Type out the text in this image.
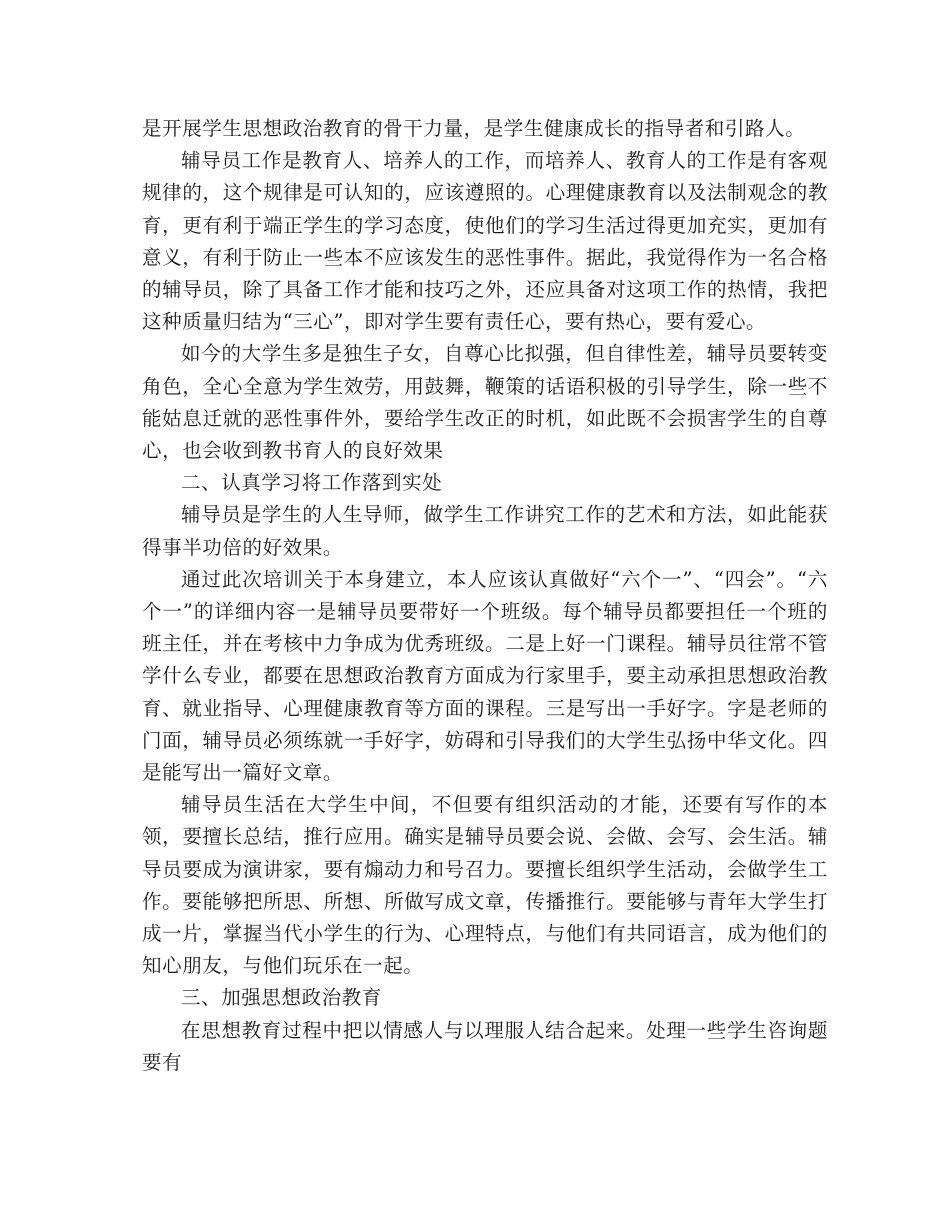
是开展学生思想政治教育的骨干力量，是学生健康成长的指导者和引路人。

辅导员工作是教育人、培养人的工作，而培养人、教育人的工作是有客观规律的，这个规律是可认知的，应该遵照的。心理健康教育以及法制观念的教育，更有利于端正学生的学习态度，使他们的学习生活过得更加充实，更加有意义，有利于防止一些本不应该发生的恶性事件。据此，我觉得作为一名合格的辅导员，除了具备工作才能和技巧之外，还应具备对这项工作的热情，我把这种质量归结为“三心”，即对学生要有责任心，要有热心，要有爱心。

如今的大学生多是独生子女，自尊心比拟强，但自律性差，辅导员要转变角色，全心全意为学生效劳，用鼓舞，鞭策的话语积极的引导学生，除一些不能姑息迁就的恶性事件外，要给学生改正的时机，如此既不会损害学生的自尊心，也会收到教书育人的良好效果

二、认真学习将工作落到实处

辅导员是学生的人生导师，做学生工作讲究工作的艺术和方法，如此能获得事半功倍的好效果。

通过此次培训关于本身建立，本人应该认真做好“六个一”、“四会”。“六个一”的详细内容一是辅导员要带好一个班级。每个辅导员都要担任一个班的班主任，并在考核中力争成为优秀班级。二是上好一门课程。辅导员往常不管学什么专业，都要在思想政治教育方面成为行家里手，要主动承担思想政治教育、就业指导、心理健康教育等方面的课程。三是写出一手好字。字是老师的门面，辅导员必须练就一手好字，妨碍和引导我们的大学生弘扬中华文化。四是能写出一篇好文章。

辅导员生活在大学生中间，不但要有组织活动的才能，还要有写作的本领，要擅长总结，推行应用。确实是辅导员要会说、会做、会写、会生活。辅导员要成为演讲家，要有煽动力和号召力。要擅长组织学生活动，会做学生工作。要能够把所思、所想、所做写成文章，传播推行。要能够与青年大学生打成一片，掌握当代小学生的行为、心理特点，与他们有共同语言，成为他们的知心朋友，与他们玩乐在一起。

三、加强思想政治教育

在思想教育过程中把以情感人与以理服人结合起来。处理一些学生咨询题要有
